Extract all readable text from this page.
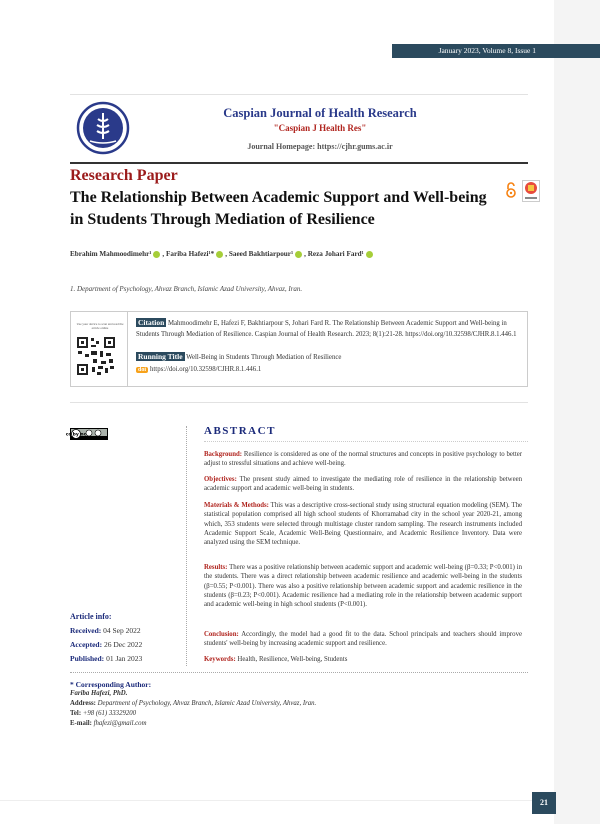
January 2023, Volume 8, Issue 1
Caspian Journal of Health Research
"Caspian J Health Res"
Journal Homepage: https://cjhr.gums.ac.ir
Research Paper
The Relationship Between Academic Support and Well-being in Students Through Mediation of Resilience
Ebrahim Mahmoodimehr¹ , Fariba Hafezi¹* , Saeed Bakhtiarpour¹ , Reza Johari Fard¹
1. Department of Psychology, Ahvaz Branch, Islamic Azad University, Ahvaz, Iran.
Use your device to scan and read the article online
Citation Mahmoodimehr E, Hafezi F, Bakhtiarpour S, Johari Fard R. The Relationship Between Academic Support and Well-being in Students Through Mediation of Resilience. Caspian Journal of Health Research. 2023; 8(1):21-28. https://doi.org/10.32598/CJHR.8.1.446.1
Running Title Well-Being in Students Through Mediation of Resilience
doi https://doi.org/10.32598/CJHR.8.1.446.1
cc by nc	ABSTRACT
Background: Resilience is considered as one of the normal structures and concepts in positive psychology to better adjust to stressful situations and achieve well-being.
Objectives: The present study aimed to investigate the mediating role of resilience in the relationship between academic support and academic well-being in students.
Materials & Methods: This was a descriptive cross-sectional study using structural equation modeling (SEM). The statistical population comprised all high school students of Khorramabad city in the school year 2020-21, among which, 353 students were selected through multistage cluster random sampling. The research instruments included Academic Support Scale, Academic Well-Being Questionnaire, and Academic Resilience Inventory. Data were analyzed using the SEM technique.
Results: There was a positive relationship between academic support and academic well-being (β=0.33; P<0.001) in the students. There was a direct relationship between academic resilience and academic well-being in the students (β=0.55; P<0.001). There was also a positive relationship between academic support and academic resilience in the students (β=0.23; P<0.001). Academic resilience had a mediating role in the relationship between academic support and academic well-being in high school students (P<0.001).
Conclusion: Accordingly, the model had a good fit to the data. School principals and teachers should improve students' well-being by increasing academic support and resilience.
Keywords: Health, Resilience, Well-being, Students
Article info:
Received: 04 Sep 2022
Accepted: 26 Dec 2022
Published: 01 Jan 2023
* Corresponding Author:
Fariba Hafezi, PhD.
Address: Department of Psychology, Ahvaz Branch, Islamic Azad University, Ahvaz, Iran.
Tel: +98 (61) 33329200
E-mail: fhafezi@gmail.com
21
